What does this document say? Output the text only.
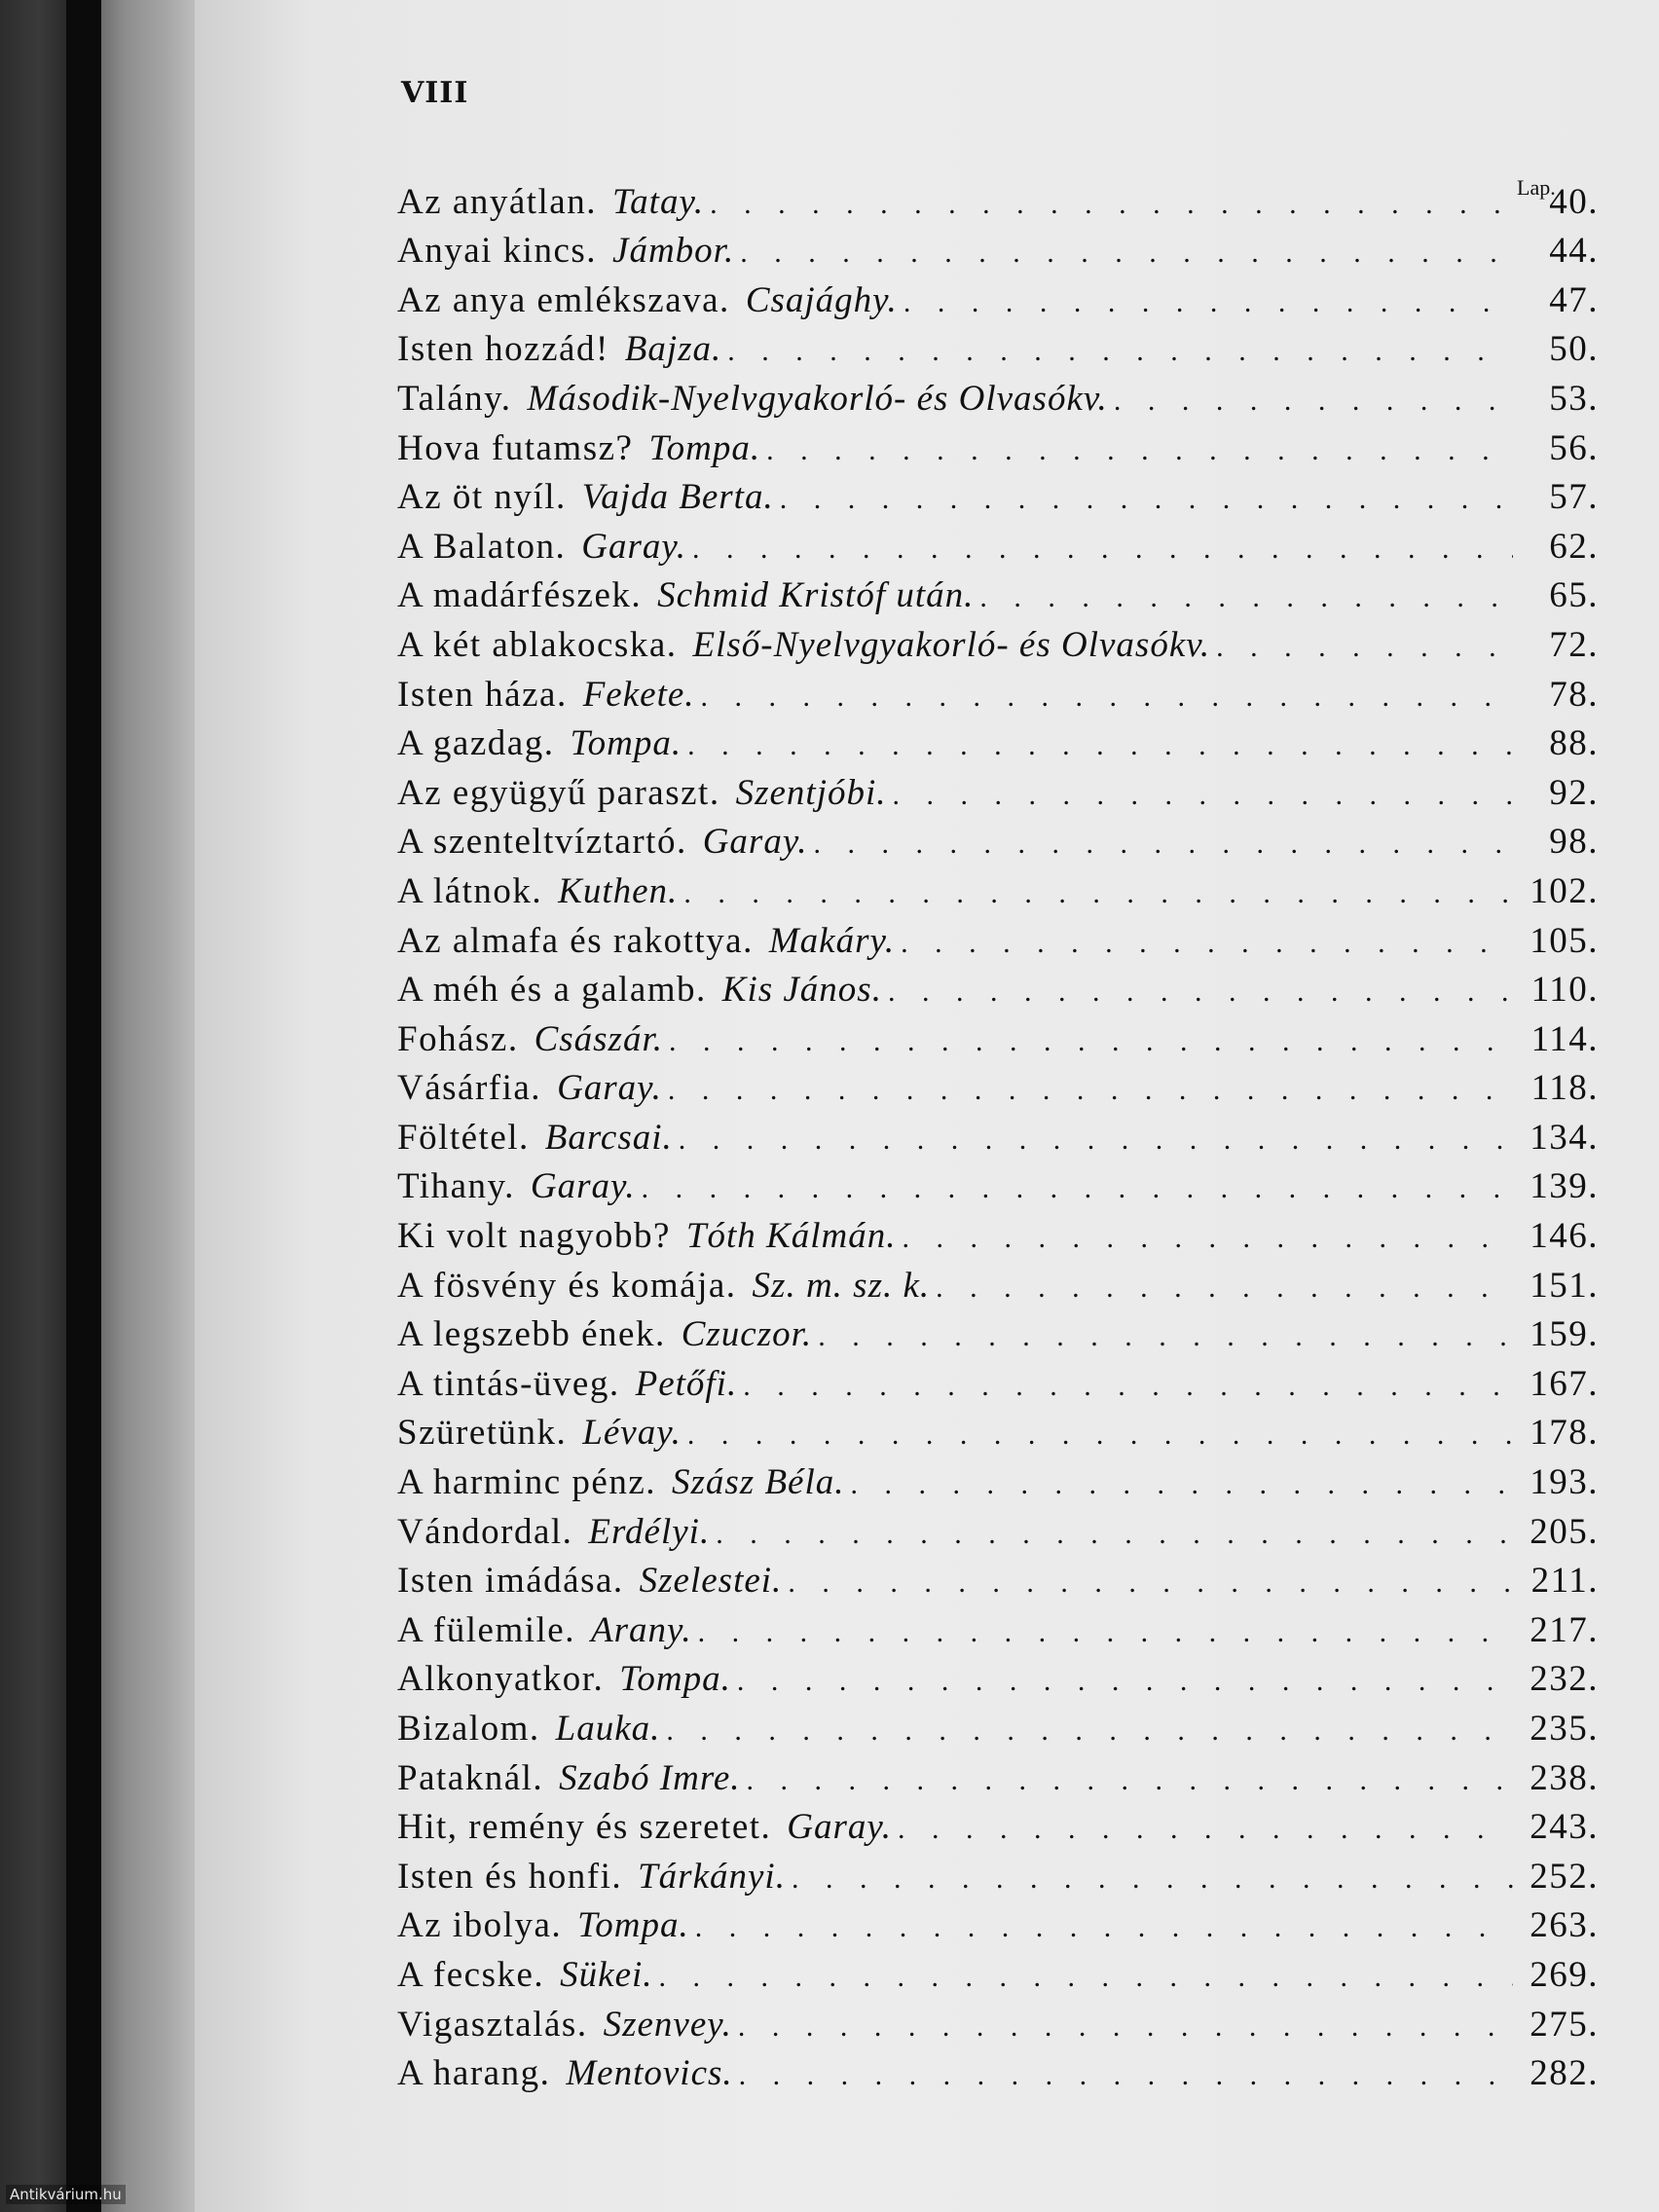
VIII
Lap.
Az anyátlan. Tatay. . . .	40.
Anyai kincs. Jámbor. . . .	44.
Az anya emlékszava. Csajághy. . . .	47.
Isten hozzád! Bajza. . . .	50.
Talány. Második-Nyelvgyakorló- és Olvasókv. . . .	53.
Hova futamsz? Tompa. . . .	56.
Az öt nyíl. Vajda Berta. . . .	57.
A Balaton. Garay. . . .	62.
A madárfészek. Schmid Kristóf után. . . .	65.
A két ablakocska. Első-Nyelvgyakorló- és Olvasókv. . . .	72.
Isten háza. Fekete. . . .	78.
A gazdag. Tompa. . . .	88.
Az együgyű paraszt. Szentjóbi. . . .	92.
A szenteltvíztartó. Garay. . . .	98.
A látnok. Kuthen. . . .	102.
Az almafa és rakottya. Makáry. . . .	105.
A méh és a galamb. Kis János. . . .	110.
Fohász. Császár. . . .	114.
Vásárfia. Garay. . . .	118.
Föltétel. Barcsai. . . .	134.
Tihany. Garay. . . .	139.
Ki volt nagyobb? Tóth Kálmán. . . .	146.
A fösvény és komája. Sz. m. sz. k. . . .	151.
A legszebb ének. Czuczor. . . .	159.
A tintás-üveg. Petőfi. . . .	167.
Szüretünk. Lévay. . . .	178.
A harminc pénz. Szász Béla. . . .	193.
Vándordal. Erdélyi. . . .	205.
Isten imádása. Szelestei. . . .	211.
A fülemile. Arany. . . .	217.
Alkonyatkor. Tompa. . . .	232.
Bizalom. Lauka. . . .	235.
Pataknál. Szabó Imre. . . .	238.
Hit, remény és szeretet. Garay. . . .	243.
Isten és honfi. Tárkányi. . . .	252.
Az ibolya. Tompa. . . .	263.
A fecske. Sükei. . . .	269.
Vigasztalás. Szenvey. . . .	275.
A harang. Mentovics. . . .	282.
Antikvárium.hu
